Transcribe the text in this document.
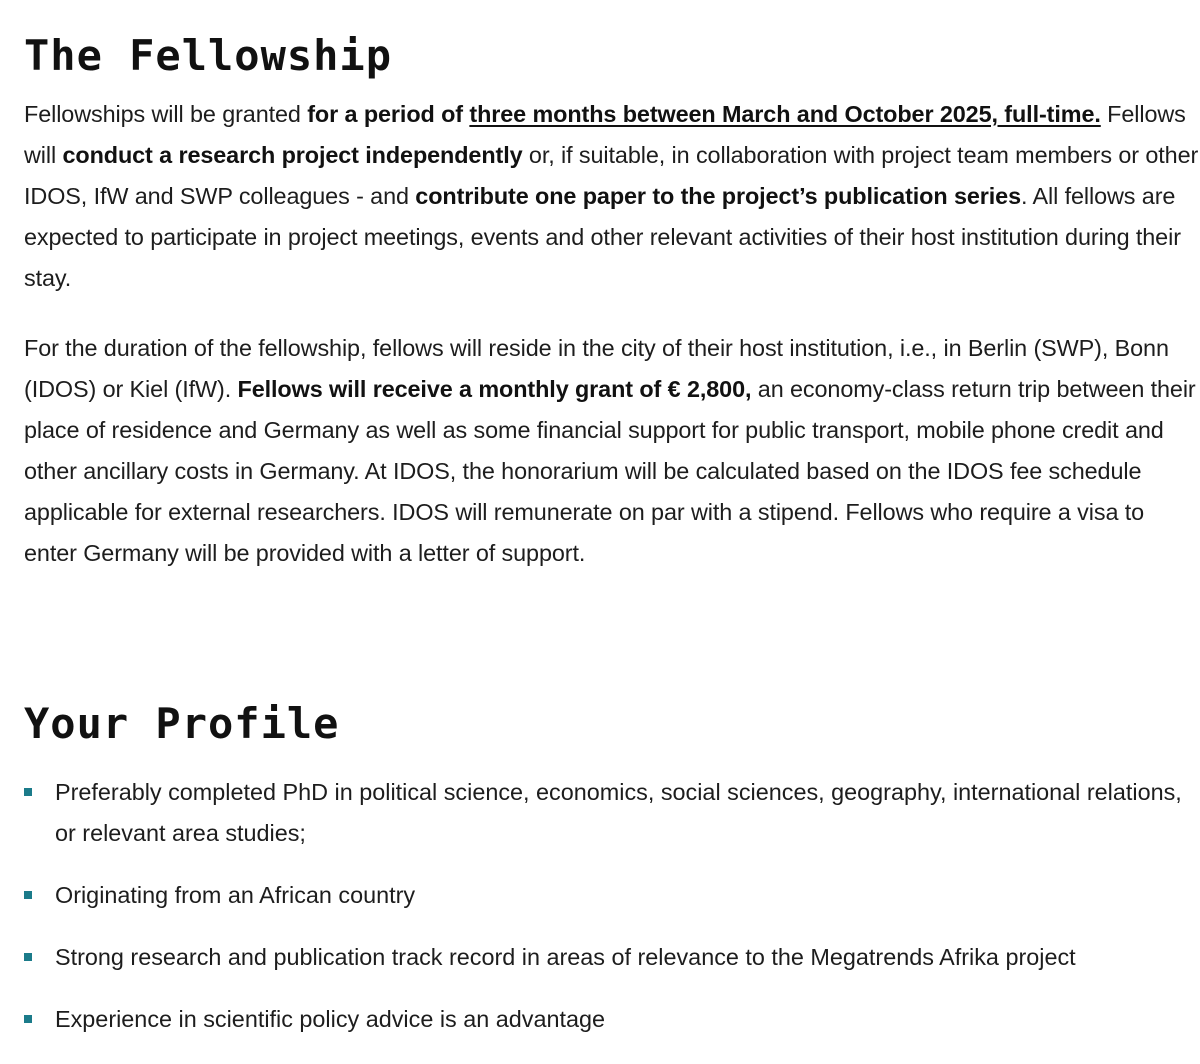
The Fellowship

Fellowships will be granted for a period of three months between March and October 2025, full-time. Fellows will conduct a research project independently or, if suitable, in collaboration with project team members or other IDOS, IfW and SWP colleagues - and contribute one paper to the project’s publication series. All fellows are expected to participate in project meetings, events and other relevant activities of their host institution during their stay.

For the duration of the fellowship, fellows will reside in the city of their host institution, i.e., in Berlin (SWP), Bonn (IDOS) or Kiel (IfW). Fellows will receive a monthly grant of € 2,800, an economy-class return trip between their place of residence and Germany as well as some financial support for public transport, mobile phone credit and other ancillary costs in Germany. At IDOS, the honorarium will be calculated based on the IDOS fee schedule applicable for external researchers. IDOS will remunerate on par with a stipend. Fellows who require a visa to enter Germany will be provided with a letter of support.

Your Profile
Preferably completed PhD in political science, economics, social sciences, geography, international relations, or relevant area studies;
Originating from an African country
Strong research and publication track record in areas of relevance to the Megatrends Afrika project
Experience in scientific policy advice is an advantage
